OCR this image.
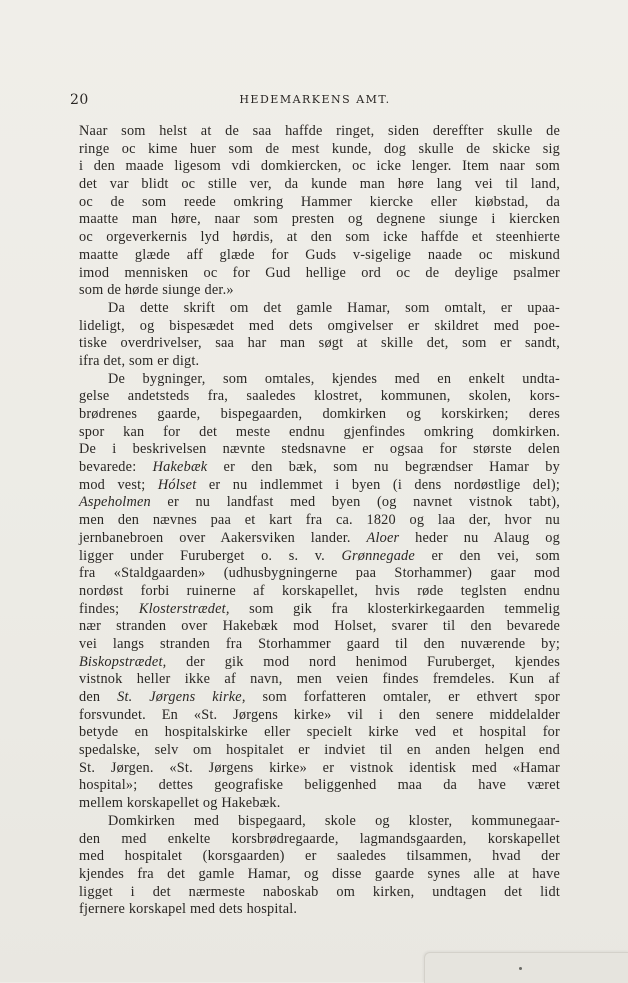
20	HEDEMARKENS AMT.

Naar som helst at de saa haffde ringet, siden dereffter skulle de
ringe oc kime huer som de mest kunde, dog skulle de skicke sig
i den maade ligesom vdi domkiercken, oc icke lenger. Item naar som
det var blidt oc stille ver, da kunde man høre lang vei til land,
oc de som reede omkring Hammer kiercke eller kiøbstad, da
maatte man høre, naar som presten og degnene siunge i kiercken
oc orgeverkernis lyd hørdis, at den som icke haffde et steenhierte
maatte glæde aff glæde for Guds v-sigelige naade oc miskund
imod mennisken oc for Gud hellige ord oc de deylige psalmer
som de hørde siunge der.»

Da dette skrift om det gamle Hamar, som omtalt, er upaa-
lideligt, og bispesædet med dets omgivelser er skildret med poe-
tiske overdrivelser, saa har man søgt at skille det, som er sandt,
ifra det, som er digt.

De bygninger, som omtales, kjendes med en enkelt undta-
gelse andetsteds fra, saaledes klostret, kommunen, skolen, kors-
brødrenes gaarde, bispegaarden, domkirken og korskirken; deres
spor kan for det meste endnu gjenfindes omkring domkirken.
De i beskrivelsen nævnte stedsnavne er ogsaa for største delen
bevarede: Hakebæk er den bæk, som nu begrændser Hamar by
mod vest; Hólset er nu indlemmet i byen (i dens nordøstlige del);
Aspeholmen er nu landfast med byen (og navnet vistnok tabt),
men den nævnes paa et kart fra ca. 1820 og laa der, hvor nu
jernbanebroen over Aakersviken lander. Aloer heder nu Alaug og
ligger under Furuberget o. s. v. Grønnegade er den vei, som
fra «Staldgaarden» (udhusbygningerne paa Storhammer) gaar mod
nordøst forbi ruinerne af korskapellet, hvis røde teglsten endnu
findes; Klosterstrædet, som gik fra klosterkirkegaarden temmelig
nær stranden over Hakebæk mod Holset, svarer til den bevarede
vei langs stranden fra Storhammer gaard til den nuværende by;
Biskopstrædet, der gik mod nord henimod Furuberget, kjendes
vistnok heller ikke af navn, men veien findes fremdeles. Kun af
den St. Jørgens kirke, som forfatteren omtaler, er ethvert spor
forsvundet. En «St. Jørgens kirke» vil i den senere middelalder
betyde en hospitalskirke eller specielt kirke ved et hospital for
spedalske, selv om hospitalet er indviet til en anden helgen end
St. Jørgen. «St. Jørgens kirke» er vistnok identisk med «Hamar
hospital»; dettes geografiske beliggenhed maa da have været
mellem korskapellet og Hakebæk.

Domkirken med bispegaard, skole og kloster, kommunegaar-
den med enkelte korsbrødregaarde, lagmandsgaarden, korskapellet
med hospitalet (korsgaarden) er saaledes tilsammen, hvad der
kjendes fra det gamle Hamar, og disse gaarde synes alle at have
ligget i det nærmeste naboskab om kirken, undtagen det lidt
fjernere korskapel med dets hospital.
